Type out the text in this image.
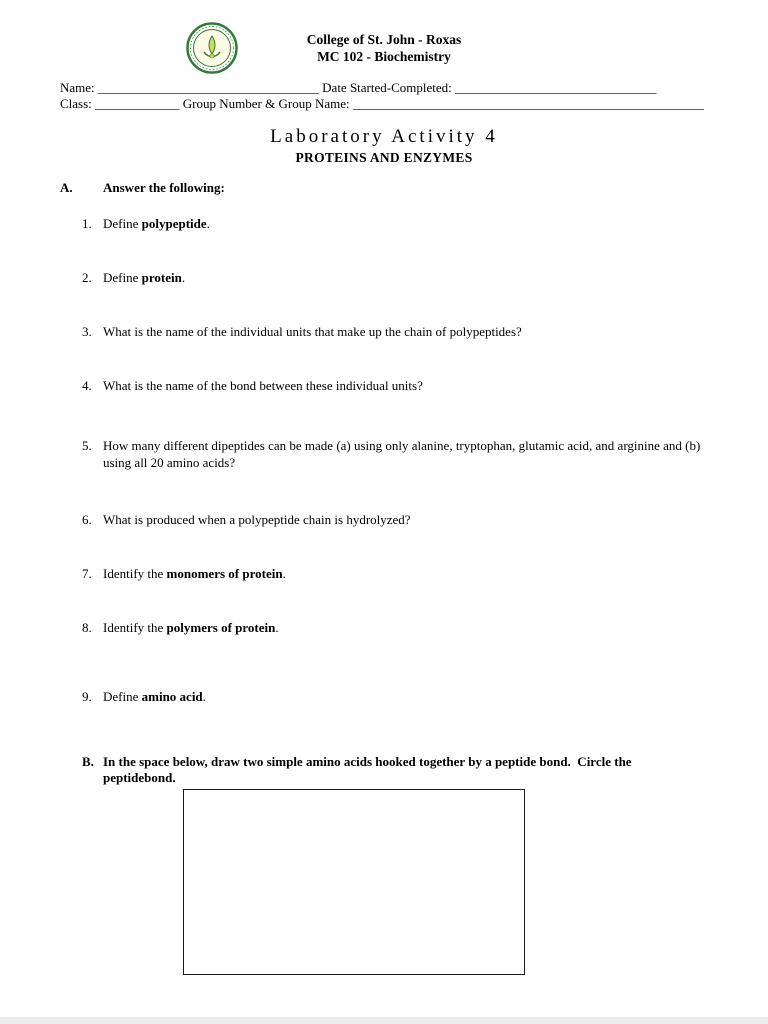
College of St. John - Roxas
MC 102 - Biochemistry
Name: __________________________________ Date Started-Completed: _______________________________
Class: _____________ Group Number & Group Name: ______________________________________________________
Laboratory Activity 4
PROTEINS AND ENZYMES
A.	Answer the following:
1. Define polypeptide.
2. Define protein.
3. What is the name of the individual units that make up the chain of polypeptides?
4. What is the name of the bond between these individual units?
5. How many different dipeptides can be made (a) using only alanine, tryptophan, glutamic acid, and arginine and (b) using all 20 amino acids?
6. What is produced when a polypeptide chain is hydrolyzed?
7. Identify the monomers of protein.
8. Identify the polymers of protein.
9. Define amino acid.
B. In the space below, draw two simple amino acids hooked together by a peptide bond.  Circle the peptidebond.
